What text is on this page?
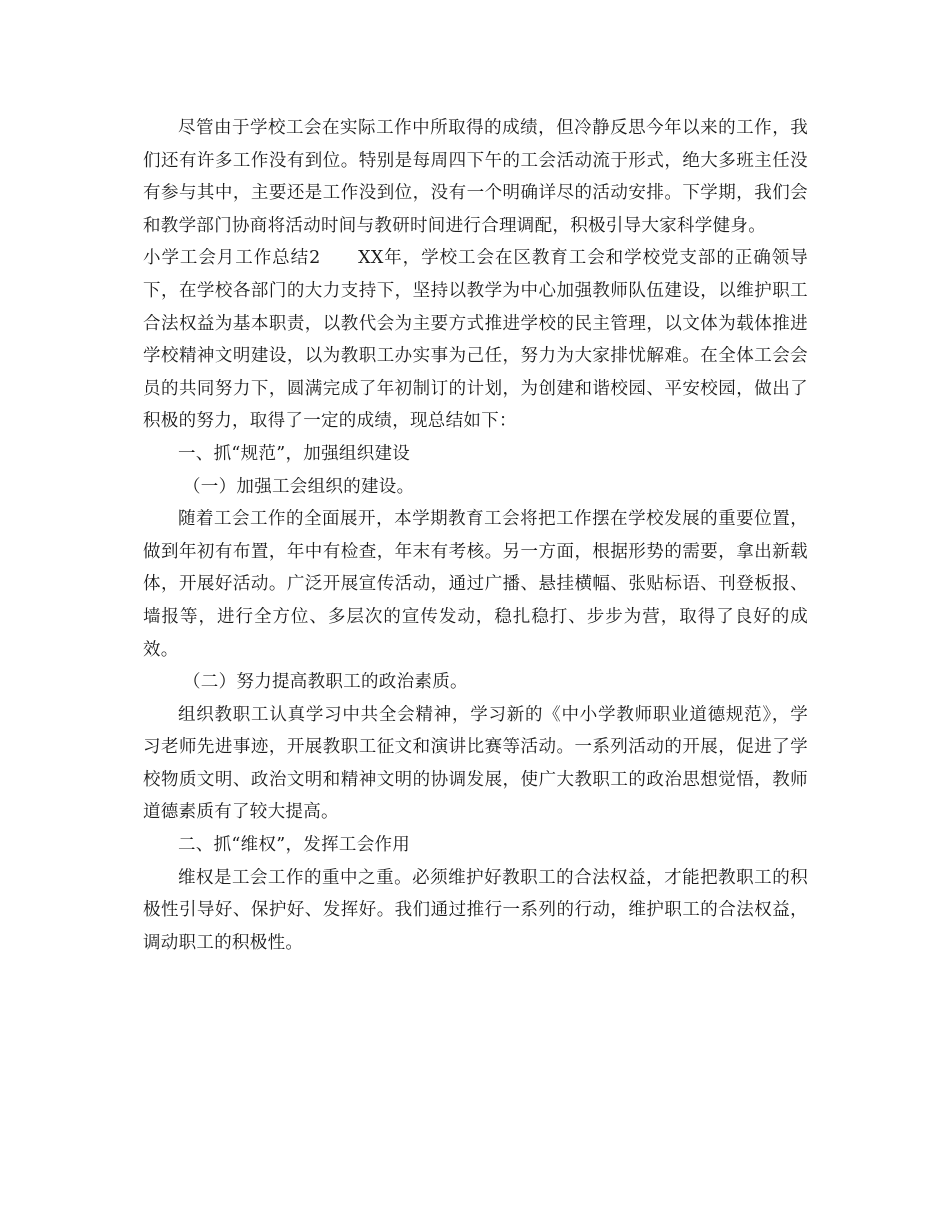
尽管由于学校工会在实际工作中所取得的成绩，但冷静反思今年以来的工作，我们还有许多工作没有到位。特别是每周四下午的工会活动流于形式，绝大多班主任没有参与其中，主要还是工作没到位，没有一个明确详尽的活动安排。下学期，我们会和教学部门协商将活动时间与教研时间进行合理调配，积极引导大家科学健身。

小学工会月工作总结2　　XX年，学校工会在区教育工会和学校党支部的正确领导下，在学校各部门的大力支持下，坚持以教学为中心加强教师队伍建设，以维护职工合法权益为基本职责，以教代会为主要方式推进学校的民主管理，以文体为载体推进学校精神文明建设，以为教职工办实事为己任，努力为大家排忧解难。在全体工会会员的共同努力下，圆满完成了年初制订的计划，为创建和谐校园、平安校园，做出了积极的努力，取得了一定的成绩，现总结如下：

一、抓“规范”，加强组织建设

（一）加强工会组织的建设。

随着工会工作的全面展开，本学期教育工会将把工作摆在学校发展的重要位置，做到年初有布置，年中有检查，年末有考核。另一方面，根据形势的需要，拿出新载体，开展好活动。广泛开展宣传活动，通过广播、悬挂横幅、张贴标语、刊登板报、墙报等，进行全方位、多层次的宣传发动，稳扎稳打、步步为营，取得了良好的成效。

（二）努力提高教职工的政治素质。

组织教职工认真学习中共全会精神，学习新的《中小学教师职业道德规范》，学习老师先进事迹，开展教职工征文和演讲比赛等活动。一系列活动的开展，促进了学校物质文明、政治文明和精神文明的协调发展，使广大教职工的政治思想觉悟，教师道德素质有了较大提高。

二、抓“维权”，发挥工会作用

维权是工会工作的重中之重。必须维护好教职工的合法权益，才能把教职工的积极性引导好、保护好、发挥好。我们通过推行一系列的行动，维护职工的合法权益，调动职工的积极性。
